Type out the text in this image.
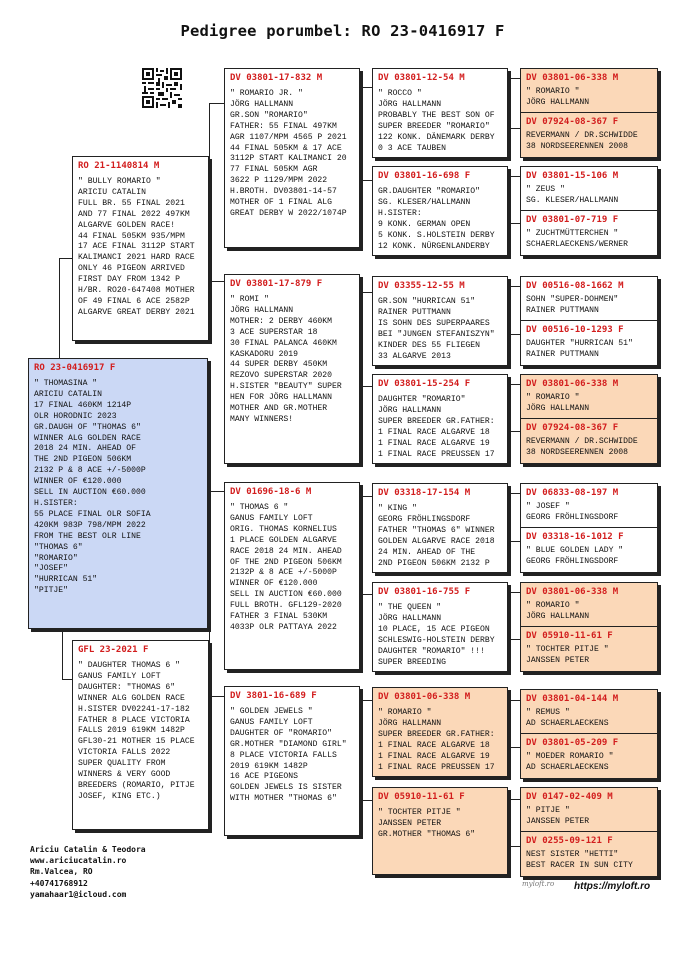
Pedigree porumbel: RO 23-0416917 F
RO 23-0416917 F
" THOMASINA "
ARICIU CATALIN
17 FINAL 460KM 1214P
OLR HORODNIC 2023
GR.DAUGH OF "THOMAS 6"
WINNER ALG GOLDEN RACE
2018 24 MIN. AHEAD OF
THE 2ND PIGEON 506KM
2132 P & 8 ACE +/-5000P
WINNER OF €120.000
SELL IN AUCTION €60.000
H.SISTER:
55 PLACE FINAL OLR SOFIA
420KM 983P 798/MPM 2022
FROM THE BEST OLR LINE
"THOMAS 6"
"ROMARIO"
"JOSEF"
"HURRICAN 51"
"PITJE"
RO 21-1140814 M
" BULLY ROMARIO "
ARICIU CATALIN
FULL BR. 55 FINAL 2021
AND 77 FINAL 2022 497KM
ALGARVE GOLDEN RACE!
44 FINAL 505KM 935/MPM
17 ACE FINAL 3112P START
KALIMANCI 2021 HARD RACE
ONLY 46 PIGEON ARRIVED
FIRST DAY FROM 1342 P
H/BR. RO20-647408 MOTHER
OF 49 FINAL 6 ACE 2582P
ALGARVE GREAT DERBY 2021
GFL 23-2021 F
" DAUGHTER THOMAS 6 "
GANUS FAMILY LOFT
DAUGHTER: "THOMAS 6"
WINNER ALG GOLDEN RACE
H.SISTER DV02241-17-182
FATHER 8 PLACE VICTORIA
FALLS 2019 619KM 1482P
GFL30-21 MOTHER 15 PLACE
VICTORIA FALLS 2022
SUPER QUALITY FROM
WINNERS & VERY GOOD
BREEDERS (ROMARIO, PITJE
JOSEF, KING ETC.)
DV 03801-17-832 M
" ROMARIO JR. "
JÖRG HALLMANN
GR.SON "ROMARIO"
FATHER: 55 FINAL 497KM
AGR 1107/MPM 4565 P 2021
44 FINAL 505KM & 17 ACE
3112P START KALIMANCI 20
77 FINAL 505KM AGR
3622 P 1129/MPM 2022
H.BROTH. DV03801-14-57
MOTHER OF 1 FINAL ALG
GREAT DERBY W 2022/1074P
DV 03801-17-879 F
" ROMI "
JÖRG HALLMANN
MOTHER: 2 DERBY 460KM
3 ACE SUPERSTAR 18
30 FINAL PALANCA 460KM
KASKADORU 2019
44 SUPER DERBY 450KM
REZOVO SUPERSTAR 2020
H.SISTER "BEAUTY" SUPER
HEN FOR JÖRG HALLMANN
MOTHER AND GR.MOTHER
MANY WINNERS!
DV 01696-18-6 M
" THOMAS 6 "
GANUS FAMILY LOFT
ORIG. THOMAS KORNELIUS
1 PLACE GOLDEN ALGARVE
RACE 2018 24 MIN. AHEAD
OF THE 2ND PIGEON 506KM
2132P & 8 ACE +/-5000P
WINNER OF €120.000
SELL IN AUCTION €60.000
FULL BROTH. GFL129-2020
FATHER 3 FINAL 530KM
4033P OLR PATTAYA 2022
DV 3801-16-689 F
" GOLDEN JEWELS "
GANUS FAMILY LOFT
DAUGHTER OF "ROMARIO"
GR.MOTHER "DIAMOND GIRL"
8 PLACE VICTORIA FALLS
2019 619KM 1482P
16 ACE PIGEONS
GOLDEN JEWELS IS SISTER
WITH MOTHER "THOMAS 6"
DV 03801-12-54 M
" ROCCO "
JÖRG HALLMANN
PROBABLY THE BEST SON OF
SUPER BREEDER "ROMARIO"
122 KONK. DÄNEMARK DERBY
0 3 ACE TAUBEN
DV 03801-16-698 F
GR.DAUGHTER "ROMARIO"
SG. KLESER/HALLMANN
H.SISTER:
9 KONK. GERMAN OPEN
5 KONK. S.HOLSTEIN DERBY
12 KONK. NÜRGENLANDERBY
DV 03355-12-55 M
GR.SON "HURRICAN 51"
RAINER PUTTMANN
IS SOHN DES SUPERPAARES
BEI "JUNGEN STEFANISZYN"
KINDER DES 55 FLIEGEN
33 ALGARVE 2013
DV 03801-15-254 F
DAUGHTER "ROMARIO"
JÖRG HALLMANN
SUPER BREEDER GR.FATHER:
1 FINAL RACE ALGARVE 18
1 FINAL RACE ALGARVE 19
1 FINAL RACE PREUSSEN 17
DV 03318-17-154 M
" KING "
GEORG FRÖHLINGSDORF
FATHER "THOMAS 6" WINNER
GOLDEN ALGARVE RACE 2018
24 MIN. AHEAD OF THE
2ND PIGEON 506KM 2132 P
DV 03801-16-755 F
" THE QUEEN "
JÖRG HALLMANN
10 PLACE, 15 ACE PIGEON
SCHLESWIG-HOLSTEIN DERBY
DAUGHTER "ROMARIO" !!!
SUPER BREEDING
DV 03801-06-338 M
" ROMARIO "
JÖRG HALLMANN
SUPER BREEDER GR.FATHER:
1 FINAL RACE ALGARVE 18
1 FINAL RACE ALGARVE 19
1 FINAL RACE PREUSSEN 17
DV 05910-11-61 F
" TOCHTER PITJE "
JANSSEN PETER
GR.MOTHER "THOMAS 6"
DV 03801-06-338 M
" ROMARIO "
JÖRG HALLMANN
DV 07924-08-367 F
REVERMANN / DR.SCHWIDDE
38 NORDSEERENNEN 2008
DV 03801-15-106 M
" ZEUS "
SG. KLESER/HALLMANN
DV 03801-07-719 F
" ZUCHTMÜTTERCHEN "
SCHAERLAECKENS/WERNER
DV 00516-08-1662 M
SOHN "SUPER-DOHMEN"
RAINER PUTTMANN
DV 00516-10-1293 F
DAUGHTER "HURRICAN 51"
RAINER PUTTMANN
DV 03801-06-338 M
" ROMARIO "
JÖRG HALLMANN
DV 07924-08-367 F
REVERMANN / DR.SCHWIDDE
38 NORDSEERENNEN 2008
DV 06833-08-197 M
" JOSEF "
GEORG FRÖHLINGSDORF
DV 03318-16-1012 F
" BLUE GOLDEN LADY "
GEORG FRÖHLINGSDORF
DV 03801-06-338 M
" ROMARIO "
JÖRG HALLMANN
DV 05910-11-61 F
" TOCHTER PITJE "
JANSSEN PETER
DV 03801-04-144 M
" REMUS "
AD SCHAERLAECKENS
DV 03801-05-209 F
" MOEDER ROMARIO "
AD SCHAERLAECKENS
DV 0147-02-409 M
" PITJE "
JANSSEN PETER
DV 0255-09-121 F
NEST SISTER "HETTI"
BEST RACER IN SUN CITY
Ariciu Catalin & Teodora
www.ariciucatalin.ro
Rm.Valcea, RO
+40741768912
yamahaar1@icloud.com
myloft.ro https://myloft.ro
